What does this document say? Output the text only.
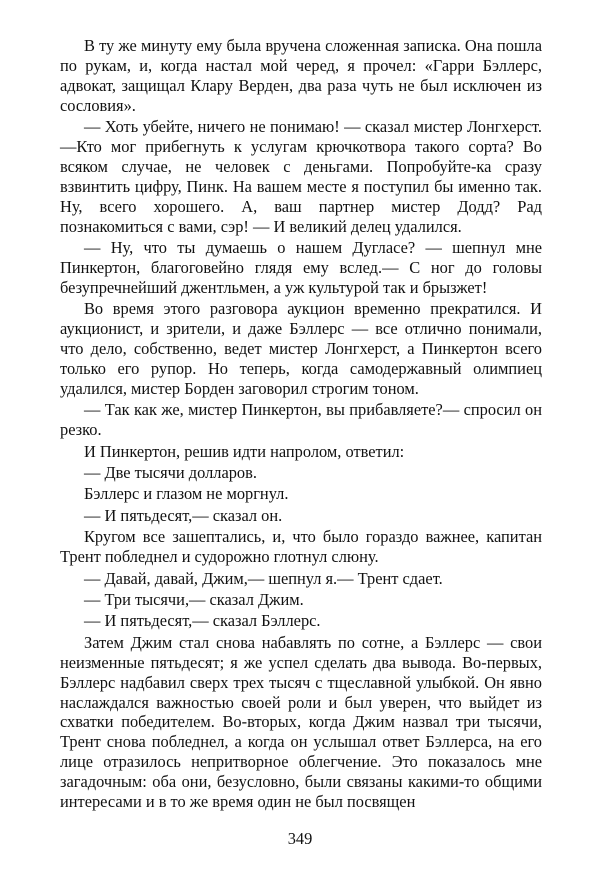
В ту же минуту ему была вручена сложенная записка. Она пошла по рукам, и, когда настал мой черед, я прочел: «Гарри Бэллерс, адвокат, защищал Клару Верден, два раза чуть не был исключен из сословия».

— Хоть убейте, ничего не понимаю! — сказал мистер Лонгхерст. —Кто мог прибегнуть к услугам крючкотвора такого сорта? Во всяком случае, не человек с деньгами. Попробуйте-ка сразу взвинтить цифру, Пинк. На вашем месте я поступил бы именно так. Ну, всего хорошего. А, ваш партнер мистер Додд? Рад познакомиться с вами, сэр! — И великий делец удалился.

— Ну, что ты думаешь о нашем Дугласе? — шепнул мне Пинкертон, благоговейно глядя ему вслед.— С ног до головы безупречнейший джентльмен, а уж культурой так и брызжет!

Во время этого разговора аукцион временно прекратился. И аукционист, и зрители, и даже Бэллерс — все отлично понимали, что дело, собственно, ведет мистер Лонгхерст, а Пинкертон всего только его рупор. Но теперь, когда самодержавный олимпиец удалился, мистер Борден заговорил строгим тоном.

— Так как же, мистер Пинкертон, вы прибавляете?— спросил он резко.

И Пинкертон, решив идти напролом, ответил:

— Две тысячи долларов.

Бэллерс и глазом не моргнул.

— И пятьдесят,— сказал он.

Кругом все зашептались, и, что было гораздо важнее, капитан Трент побледнел и судорожно глотнул слюну.

— Давай, давай, Джим,— шепнул я.— Трент сдает.

— Три тысячи,— сказал Джим.

— И пятьдесят,— сказал Бэллерс.

Затем Джим стал снова набавлять по сотне, а Бэллерс — свои неизменные пятьдесят; я же успел сделать два вывода. Во-первых, Бэллерс надбавил сверх трех тысяч с тщеславной улыбкой. Он явно наслаждался важностью своей роли и был уверен, что выйдет из схватки победителем. Во-вторых, когда Джим назвал три тысячи, Трент снова побледнел, а когда он услышал ответ Бэллерса, на его лице отразилось непритворное облегчение. Это показалось мне загадочным: оба они, безусловно, были связаны какими-то общими интересами и в то же время один не был посвящен

349
